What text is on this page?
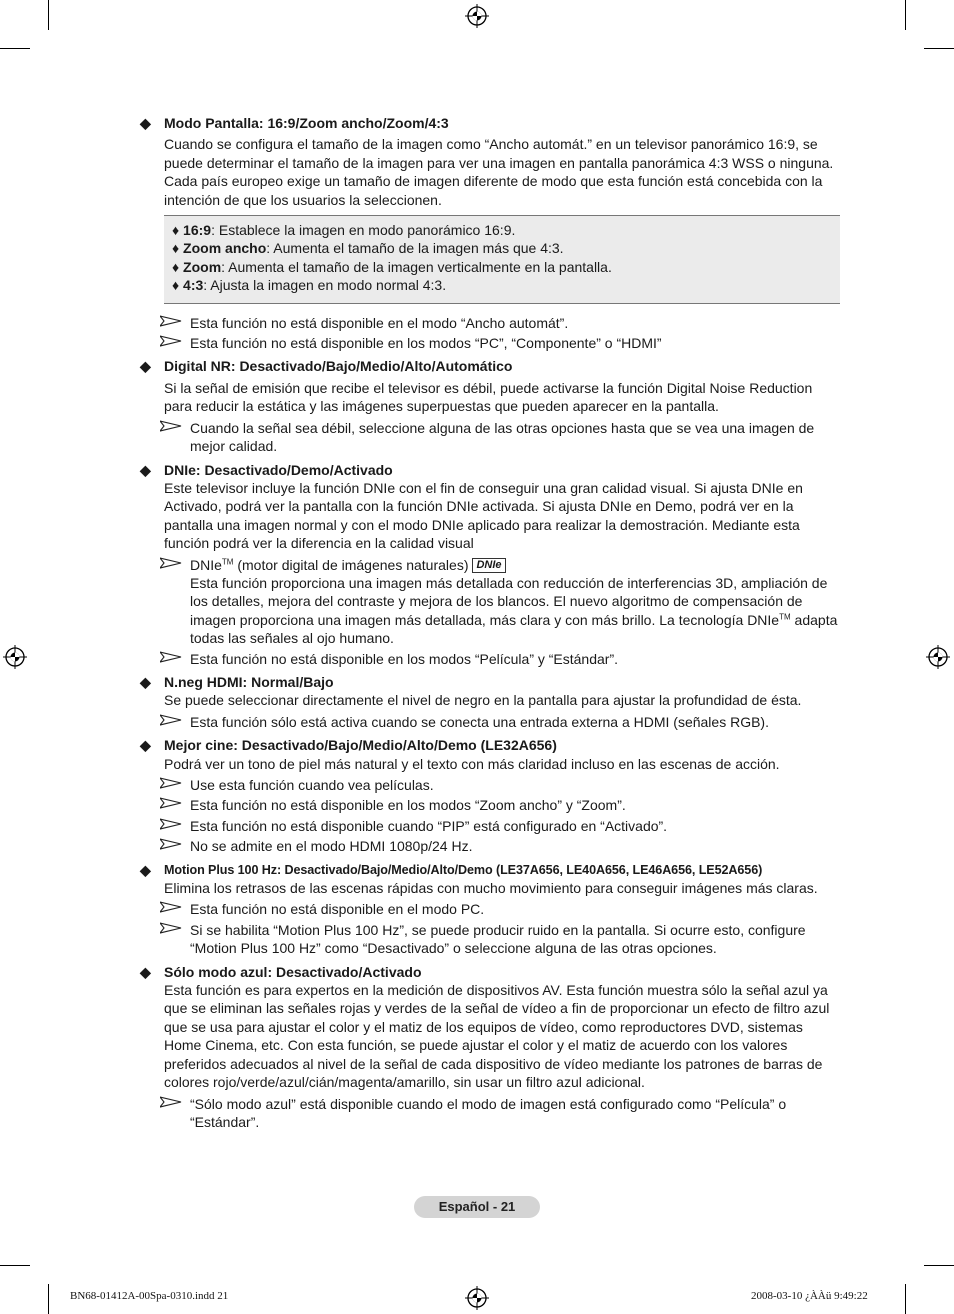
◆ Modo Pantalla: 16:9/Zoom ancho/Zoom/4:3

Cuando se configura el tamaño de la imagen como “Ancho automát.” en un televisor panorámico 16:9, se puede determinar el tamaño de la imagen para ver una imagen en pantalla panorámica 4:3 WSS o ninguna. Cada país europeo exige un tamaño de imagen diferente de modo que esta función está concebida con la intención de que los usuarios la seleccionen.

♦ 16:9: Establece la imagen en modo panorámico 16:9.

♦ Zoom ancho: Aumenta el tamaño de la imagen más que 4:3.

♦ Zoom: Aumenta el tamaño de la imagen verticalmente en la pantalla.

♦ 4:3: Ajusta la imagen en modo normal 4:3.

Esta función no está disponible en el modo “Ancho automát”.
Esta función no está disponible en los modos “PC”, “Componente” o “HDMI”
◆ Digital NR: Desactivado/Bajo/Medio/Alto/Automático

Si la señal de emisión que recibe el televisor es débil, puede activarse la función Digital Noise Reduction para reducir la estática y las imágenes superpuestas que pueden aparecer en la pantalla.

Cuando la señal sea débil, seleccione alguna de las otras opciones hasta que se vea una imagen de mejor calidad.
◆ DNIe: Desactivado/Demo/Activado

Este televisor incluye la función DNIe con el fin de conseguir una gran calidad visual. Si ajusta DNIe en Activado, podrá ver la pantalla con la función DNIe activada. Si ajusta DNIe en Demo, podrá ver en la pantalla una imagen normal y con el modo DNIe aplicado para realizar la demostración. Mediante esta función podrá ver la diferencia en la calidad visual

DNIe™ (motor digital de imágenes naturales) DNIe
Esta función proporciona una imagen más detallada con reducción de interferencias 3D, ampliación de los detalles, mejora del contraste y mejora de los blancos. El nuevo algoritmo de compensación de imagen proporciona una imagen más detallada, más clara y con más brillo. La tecnología DNIe™ adapta todas las señales al ojo humano.
Esta función no está disponible en los modos “Película” y “Estándar”.
◆ N.neg HDMI: Normal/Bajo

Se puede seleccionar directamente el nivel de negro en la pantalla para ajustar la profundidad de ésta.

Esta función sólo está activa cuando se conecta una entrada externa a HDMI (señales RGB).
◆ Mejor cine: Desactivado/Bajo/Medio/Alto/Demo (LE32A656)

Podrá ver un tono de piel más natural y el texto con más claridad incluso en las escenas de acción.

Use esta función cuando vea películas.
Esta función no está disponible en los modos “Zoom ancho” y “Zoom”.
Esta función no está disponible cuando “PIP” está configurado en “Activado”.
No se admite en el modo HDMI 1080p/24 Hz.
◆ Motion Plus 100 Hz: Desactivado/Bajo/Medio/Alto/Demo (LE37A656, LE40A656, LE46A656, LE52A656)

Elimina los retrasos de las escenas rápidas con mucho movimiento para conseguir imágenes más claras.

Esta función no está disponible en el modo PC.
Si se habilita “Motion Plus 100 Hz”, se puede producir ruido en la pantalla. Si ocurre esto, configure “Motion Plus 100 Hz” como “Desactivado” o seleccione alguna de las otras opciones.
◆ Sólo modo azul: Desactivado/Activado

Esta función es para expertos en la medición de dispositivos AV. Esta función muestra sólo la señal azul ya que se eliminan las señales rojas y verdes de la señal de vídeo a fin de proporcionar un efecto de filtro azul que se usa para ajustar el color y el matiz de los equipos de vídeo, como reproductores DVD, sistemas Home Cinema, etc. Con esta función, se puede ajustar el color y el matiz de acuerdo con los valores preferidos adecuados al nivel de la señal de cada dispositivo de vídeo mediante los patrones de barras de colores rojo/verde/azul/cián/magenta/amarillo, sin usar un filtro azul adicional.

“Sólo modo azul” está disponible cuando el modo de imagen está configurado como “Película” o “Estándar”.
Español - 21
BN68-01412A-00Spa-0310.indd 21	2008-03-10 ¿ÀÀü 9:49:22
